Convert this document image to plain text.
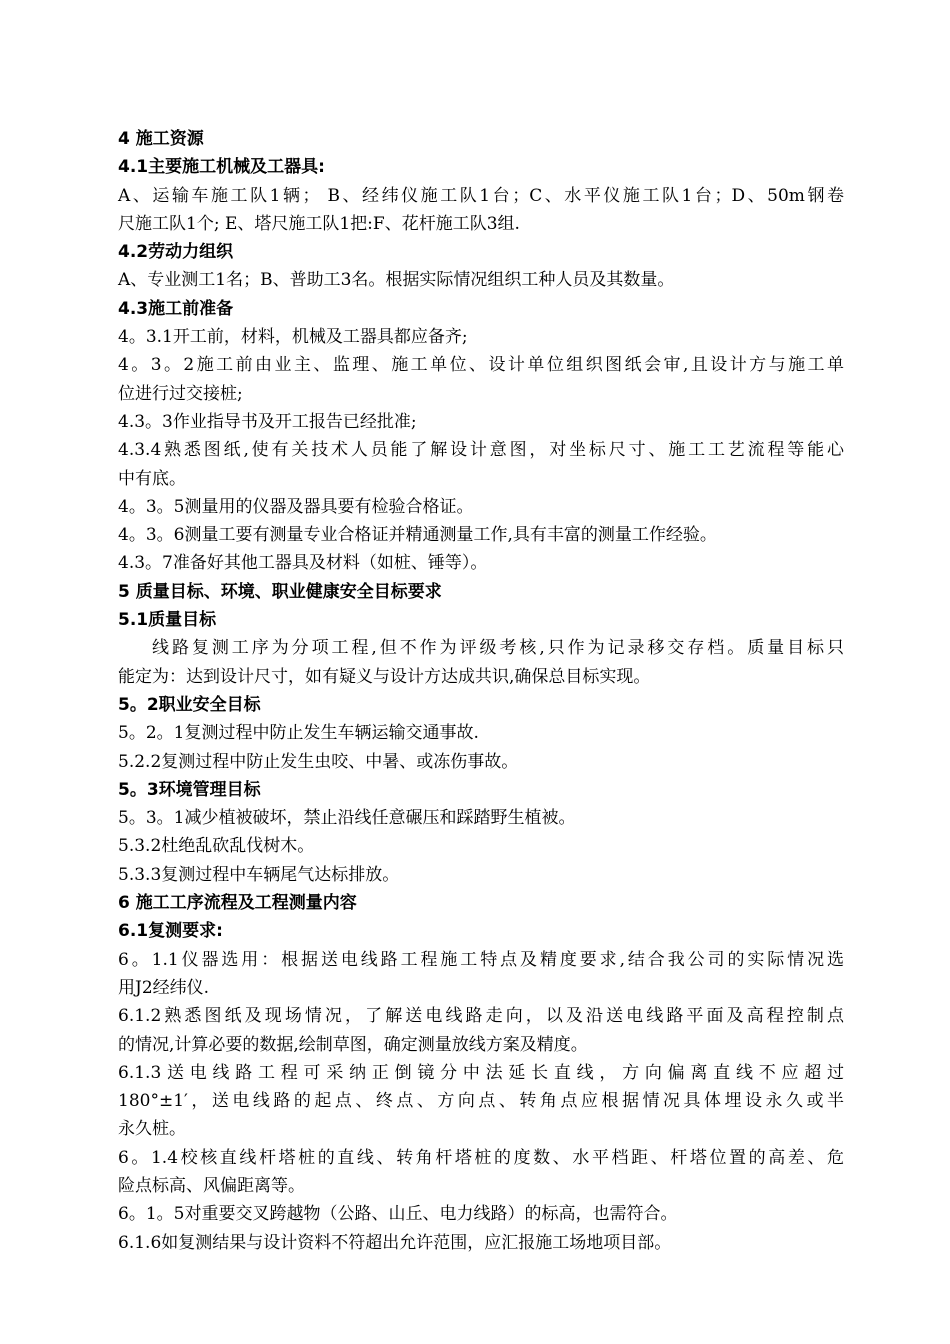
4 施工资源
4.1主要施工机械及工器具:
A、运输车施工队1辆； B、经纬仪施工队1台；C、水平仪施工队1台；D、50m钢卷
尺施工队1个; E、塔尺施工队1把:F、花杆施工队3组.
4.2劳动力组织
A、专业测工1名；B、普助工3名。根据实际情况组织工种人员及其数量。
4.3施工前准备
4。3.1开工前，材料，机械及工器具都应备齐;
4。3。2施工前由业主、监理、施工单位、设计单位组织图纸会审,且设计方与施工单
位进行过交接桩;
4.3。3作业指导书及开工报告已经批准;
4.3.4熟悉图纸,使有关技术人员能了解设计意图，对坐标尺寸、施工工艺流程等能心
中有底。
4。3。5测量用的仪器及器具要有检验合格证。
4。3。6测量工要有测量专业合格证并精通测量工作,具有丰富的测量工作经验。
4.3。7准备好其他工器具及材料（如桩、锤等）。
5 质量目标、环境、职业健康安全目标要求
5.1质量目标
线路复测工序为分项工程,但不作为评级考核,只作为记录移交存档。质量目标只
能定为：达到设计尺寸，如有疑义与设计方达成共识,确保总目标实现。
5。2职业安全目标
5。2。1复测过程中防止发生车辆运输交通事故.
5.2.2复测过程中防止发生虫咬、中暑、或冻伤事故。
5。3环境管理目标
5。3。1减少植被破坏，禁止沿线任意碾压和踩踏野生植被。
5.3.2杜绝乱砍乱伐树木。
5.3.3复测过程中车辆尾气达标排放。
6 施工工序流程及工程测量内容
6.1复测要求:
6。1.1仪器选用：根据送电线路工程施工特点及精度要求,结合我公司的实际情况选
用J2经纬仪.
6.1.2熟悉图纸及现场情况，了解送电线路走向，以及沿送电线路平面及高程控制点
的情况,计算必要的数据,绘制草图，确定测量放线方案及精度。
6.1.3送电线路工程可采纳正倒镜分中法延长直线，方向偏离直线不应超过
180°±1′，送电线路的起点、终点、方向点、转角点应根据情况具体埋设永久或半
永久桩。
6。1.4校核直线杆塔桩的直线、转角杆塔桩的度数、水平档距、杆塔位置的高差、危
险点标高、风偏距离等。
6。1。5对重要交叉跨越物（公路、山丘、电力线路）的标高，也需符合。
6.1.6如复测结果与设计资料不符超出允许范围，应汇报施工场地项目部。
